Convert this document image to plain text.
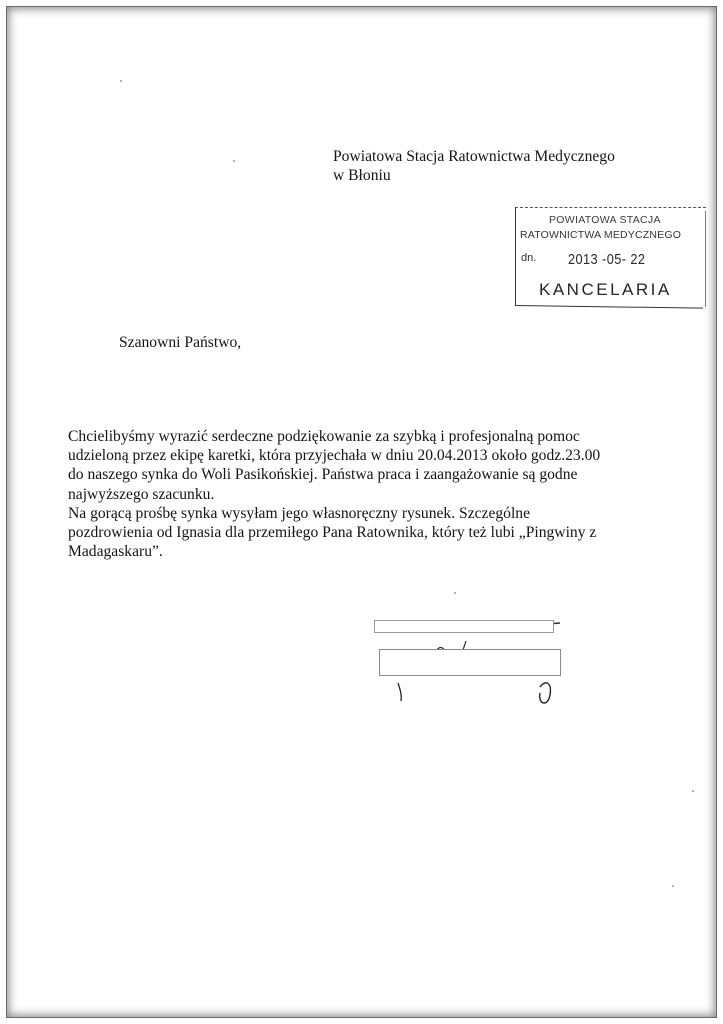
Powiatowa Stacja Ratownictwa Medycznego
w Błoniu
POWIATOWA STACJA
RATOWNICTWA MEDYCZNEGO
dn. 2013 -05- 22
KANCELARIA
Szanowni Państwo,
Chcielibyśmy wyrazić serdeczne podziękowanie za szybką i profesjonalną pomoc
udzieloną przez ekipę karetki, która przyjechała w dniu 20.04.2013 około godz.23.00
do naszego synka do Woli Pasikońskiej. Państwa praca i zaangażowanie są godne
najwyższego szacunku.
Na gorącą prośbę synka wysyłam jego własnoręczny rysunek. Szczególne
pozdrowienia od Ignasia dla przemiłego Pana Ratownika, który też lubi „Pingwiny z
Madagaskaru”.
